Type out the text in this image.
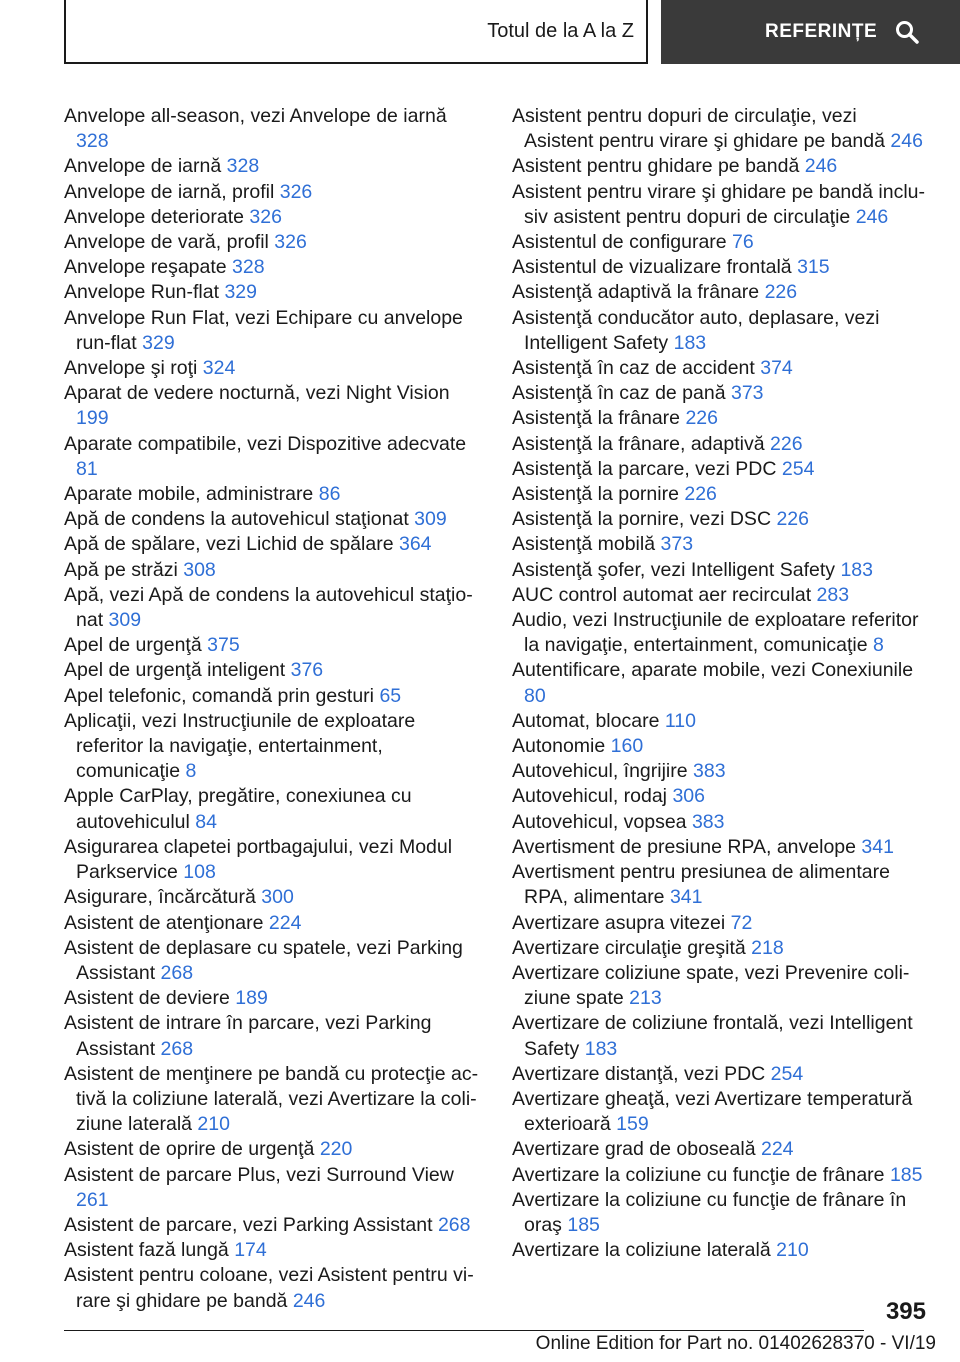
Totul de la A la Z	REFERINȚE

Anvelope all-season, vezi Anvelope de iarnă 328

Anvelope de iarnă 328

Anvelope de iarnă, profil 326

Anvelope deteriorate 326

Anvelope de vară, profil 326

Anvelope reşapate 328

Anvelope Run-flat 329

Anvelope Run Flat, vezi Echipare cu anvelope run-flat 329

Anvelope şi roţi 324

Aparat de vedere nocturnă, vezi Night Vision 199

Aparate compatibile, vezi Dispozitive adecvate 81

Aparate mobile, administrare 86

Apă de condens la autovehicul staţionat 309

Apă de spălare, vezi Lichid de spălare 364

Apă pe străzi 308

Apă, vezi Apă de condens la autovehicul staţionat 309

Apel de urgenţă 375

Apel de urgenţă inteligent 376

Apel telefonic, comandă prin gesturi 65

Aplicaţii, vezi Instrucţiunile de exploatare referitor la navigaţie, entertainment, comunicaţie 8

Apple CarPlay, pregătire, conexiunea cu autovehiculul 84

Asigurarea clapetei portbagajului, vezi Modul Parkservice 108

Asigurare, încărcătură 300

Asistent de atenţionare 224

Asistent de deplasare cu spatele, vezi Parking Assistant 268

Asistent de deviere 189

Asistent de intrare în parcare, vezi Parking Assistant 268

Asistent de menţinere pe bandă cu protecţie activă la coliziune laterală, vezi Avertizare la coliziune laterală 210

Asistent de oprire de urgenţă 220

Asistent de parcare Plus, vezi Surround View 261

Asistent de parcare, vezi Parking Assistant 268

Asistent fază lungă 174

Asistent pentru coloane, vezi Asistent pentru virare şi ghidare pe bandă 246

Asistent pentru dopuri de circulaţie, vezi Asistent pentru virare şi ghidare pe bandă 246

Asistent pentru ghidare pe bandă 246

Asistent pentru virare şi ghidare pe bandă inclusiv asistent pentru dopuri de circulaţie 246

Asistentul de configurare 76

Asistentul de vizualizare frontală 315

Asistenţă adaptivă la frânare 226

Asistenţă conducător auto, deplasare, vezi Intelligent Safety 183

Asistenţă în caz de accident 374

Asistenţă în caz de pană 373

Asistenţă la frânare 226

Asistenţă la frânare, adaptivă 226

Asistenţă la parcare, vezi PDC 254

Asistenţă la pornire 226

Asistenţă la pornire, vezi DSC 226

Asistenţă mobilă 373

Asistenţă şofer, vezi Intelligent Safety 183

AUC control automat aer recirculat 283

Audio, vezi Instrucţiunile de exploatare referitor la navigaţie, entertainment, comunicaţie 8

Autentificare, aparate mobile, vezi Conexiunile 80

Automat, blocare 110

Autonomie 160

Autovehicul, îngrijire 383

Autovehicul, rodaj 306

Autovehicul, vopsea 383

Avertisment de presiune RPA, anvelope 341

Avertisment pentru presiunea de alimentare RPA, alimentare 341

Avertizare asupra vitezei 72

Avertizare circulaţie greşită 218

Avertizare coliziune spate, vezi Prevenire coliziune spate 213

Avertizare de coliziune frontală, vezi Intelligent Safety 183

Avertizare distanţă, vezi PDC 254

Avertizare gheaţă, vezi Avertizare temperatură exterioară 159

Avertizare grad de oboseală 224

Avertizare la coliziune cu funcţie de frânare 185

Avertizare la coliziune cu funcţie de frânare în oraş 185

Avertizare la coliziune laterală 210

395
Online Edition for Part no. 01402628370 - VI/19
